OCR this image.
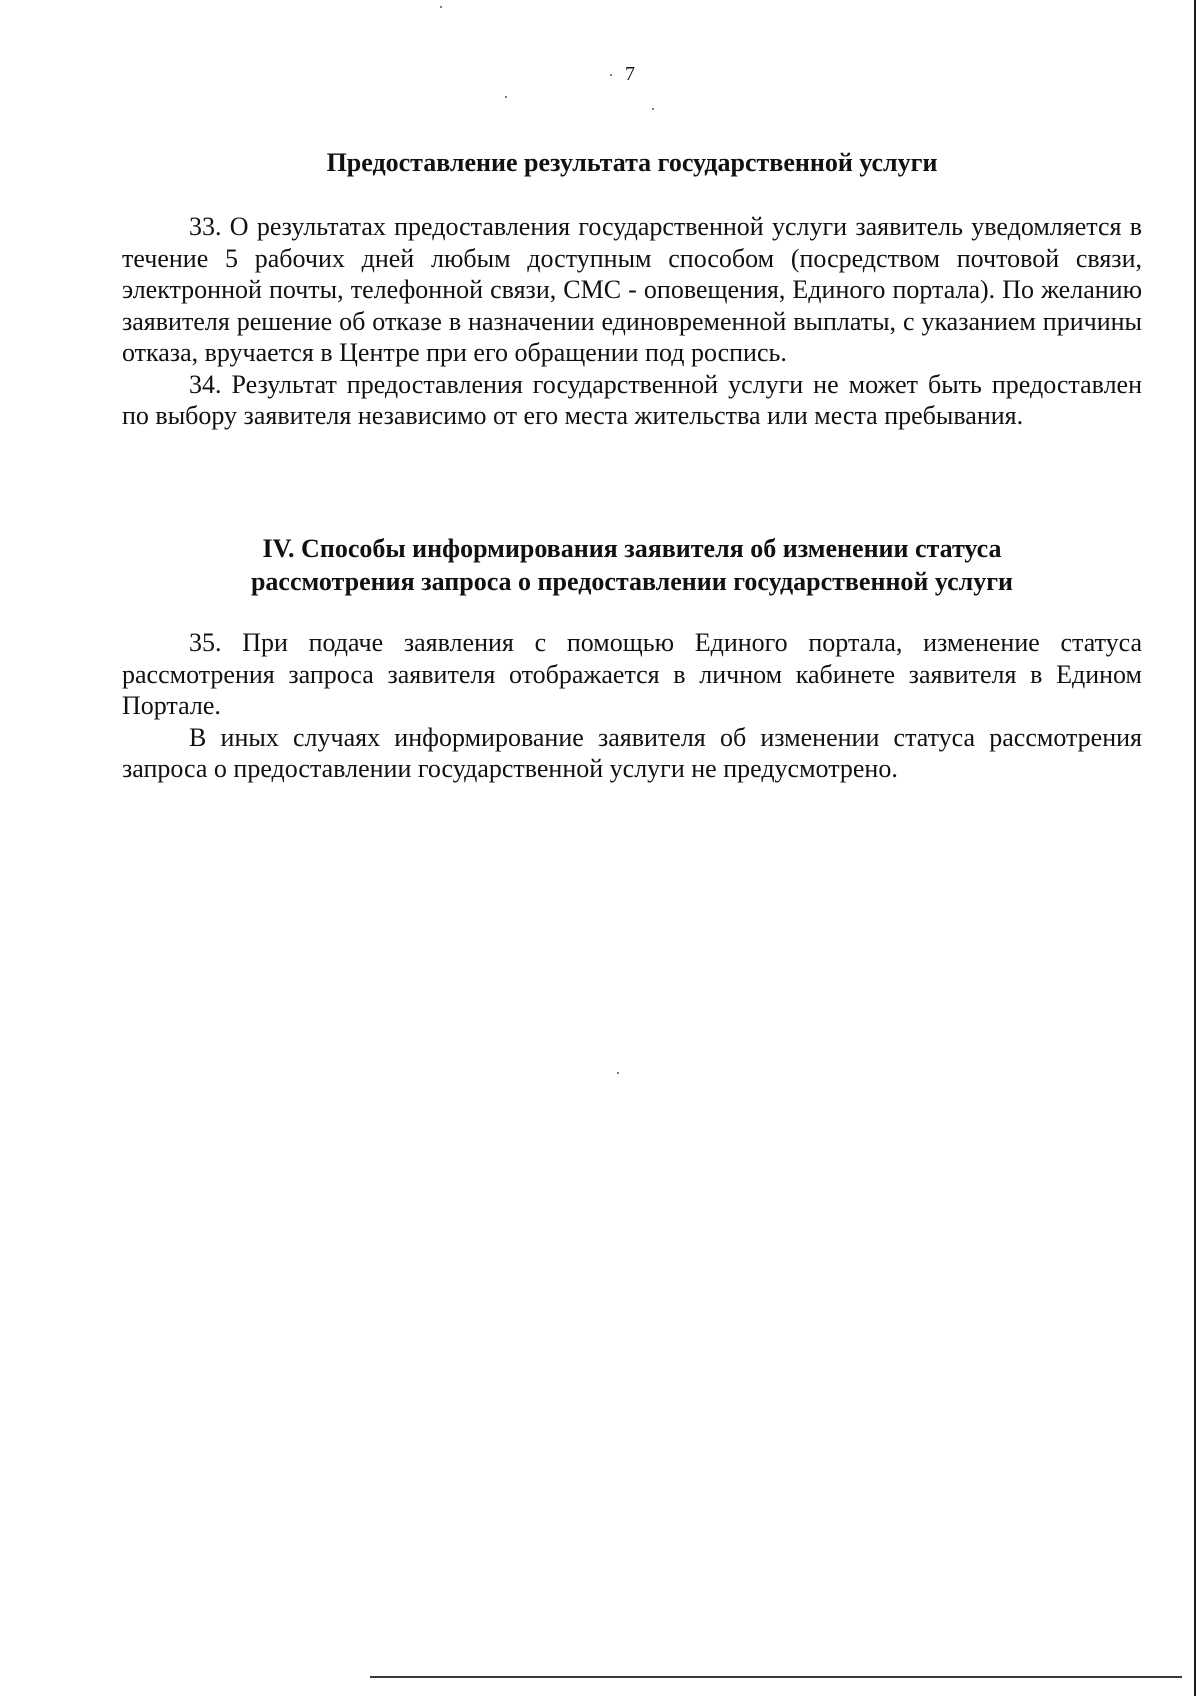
7
Предоставление результата государственной услуги

33. О результатах предоставления государственной услуги заявитель уведомляется в течение 5 рабочих дней любым доступным способом (посредством почтовой связи, электронной почты, телефонной связи, СМС - оповещения, Единого портала). По желанию заявителя решение об отказе в назначении единовременной выплаты, с указанием причины отказа, вручается в Центре при его обращении под роспись.

34. Результат предоставления государственной услуги не может быть предоставлен по выбору заявителя независимо от его места жительства или места пребывания.

IV. Способы информирования заявителя об изменении статуса
рассмотрения запроса о предоставлении государственной услуги

35. При подаче заявления с помощью Единого портала, изменение статуса рассмотрения запроса заявителя отображается в личном кабинете заявителя в Едином Портале.

В иных случаях информирование заявителя об изменении статуса рассмотрения запроса о предоставлении государственной услуги не предусмотрено.
